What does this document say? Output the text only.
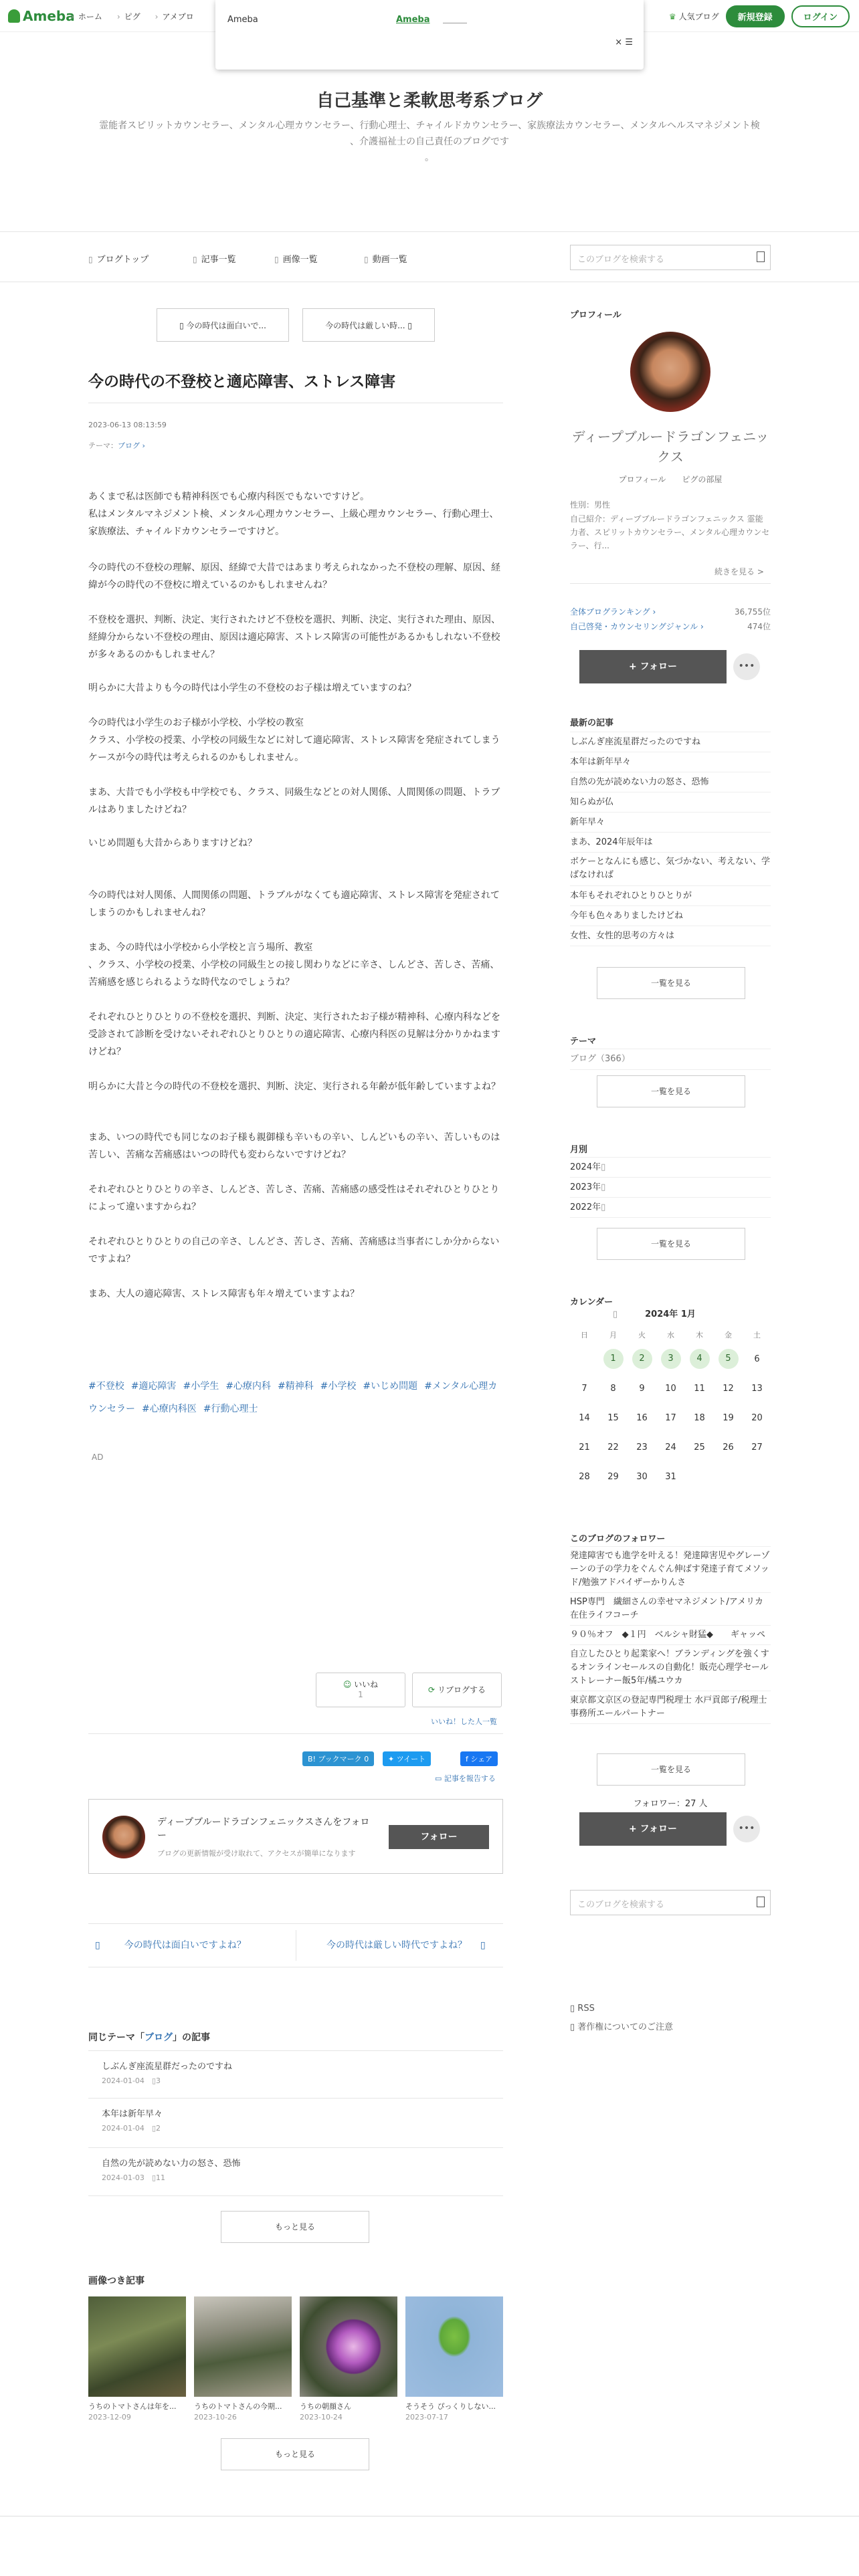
Ameba › ホーム	› ピグ	› アメブロ	♛ 人気ブログ	新規登録	ログイン
Ameba	Ameba
× ☰
自己基準と柔軟思考系ブログ
霊能者スピリットカウンセラー、メンタル心理カウンセラー、行動心理士、チャイルドカウンセラー、家族療法カウンセラー、メンタルヘルスマネジメント検
、介護福祉士の自己責任のブログです
。
▯ ブログトップ	▯ 記事一覧	▯ 画像一覧	▯ 動画一覧	このブログを検索する
▯ 今の時代は面白いで...	今の時代は厳しい時... ▯
今の時代の不登校と適応障害、ストレス障害
2023-06-13 08:13:59
テーマ：ブログ ›

あくまで私は医師でも精神科医でも心療内科医でもないですけど。
私はメンタルマネジメント検、メンタル心理カウンセラー、上級心理カウンセラー、行動心理士、家族療法、チャイルドカウンセラーですけど。

今の時代の不登校の理解、原因、経緯で大昔ではあまり考えられなかった不登校の理解、原因、経緯が今の時代の不登校に増えているのかもしれませんね？

不登校を選択、判断、決定、実行されたけど不登校を選択、判断、決定、実行された理由、原因、経緯分からない不登校の理由、原因は適応障害、ストレス障害の可能性があるかもしれない不登校が多々あるのかもしれません？

明らかに大昔よりも今の時代は小学生の不登校のお子様は増えていますのね？

今の時代は小学生のお子様が小学校、小学校の教室
クラス、小学校の授業、小学校の同級生などに対して適応障害、ストレス障害を発症されてしまうケースが今の時代は考えられるのかもしれません。

まあ、大昔でも小学校も中学校でも、クラス、同級生などとの対人関係、人間関係の問題、トラブルはありましたけどね？

いじめ問題も大昔からありますけどね？

今の時代は対人関係、人間関係の問題、トラブルがなくても適応障害、ストレス障害を発症されてしまうのかもしれませんね？

まあ、今の時代は小学校から小学校と言う場所、教室
、クラス、小学校の授業、小学校の同級生との接し関わりなどに辛さ、しんどさ、苦しさ、苦痛、苦痛感を感じられるような時代なのでしょうね？

それぞれひとりひとりの不登校を選択、判断、決定、実行されたお子様が精神科、心療内科などを受診されて診断を受けないそれぞれひとりひとりの適応障害、心療内科医の見解は分かりかねますけどね？

明らかに大昔と今の時代の不登校を選択、判断、決定、実行される年齢が低年齢していますよね？

まあ、いつの時代でも同じなのお子様も親御様も辛いもの辛い、しんどいもの辛い、苦しいものは苦しい、苦痛な苦痛感はいつの時代も変わらないですけどね？

それぞれひとりひとりの辛さ、しんどさ、苦しさ、苦痛、苦痛感の感受性はそれぞれひとりひとりによって違いますからね？

それぞれひとりひとりの自己の辛さ、しんどさ、苦しさ、苦痛、苦痛感は当事者にしか分からないですよね？

まあ、大人の適応障害、ストレス障害も年々増えていますよね？

#不登校 #適応障害 #小学生 #心療内科 #精神科 #小学校 #いじめ問題 #メンタル心理カウンセラー #心療内科医 #行動心理士
AD
☺ いいね
1	⟳ リブログする
いいね！した人一覧
B! ブックマーク 0	✦ ツイート	f シェア
▭ 記事を報告する
ディープブルードラゴンフェニックスさんをフォロー
ブログの更新情報が受け取れて、アクセスが簡単になります
フォロー
▯	今の時代は面白いですよね？	今の時代は厳しい時代ですよね？ ▯
同じテーマ「ブログ」の記事
しぶんぎ座流星群だったのですね
2024-01-04　 ▯3
本年は新年早々
2024-01-04　 ▯2
自然の先が読めない力の怒さ、恐怖
2024-01-03　 ▯11
もっと見る
画像つき記事
うちのトマトさんは年を...	うちのトマトさんの今期...	うちの朝顔さん	そうそう ぴっくりしない...
2023-12-09	2023-10-26	2023-10-24	2023-07-17
もっと見る
プロフィール
ディープブルードラゴンフェニックス
プロフィール　　 ピグの部屋
性別：男性
自己紹介：ディープブルードラゴンフェニックス 霊能力者、スピリットカウンセラー、メンタル心理カウンセラー、行...
続きを見る >
全体ブログランキング ›	36,755位
自己啓発・カウンセリングジャンル ›	474位
+ フォロー	•••
最新の記事
しぶんぎ座流星群だったのですね
本年は新年早々
自然の先が読めない力の怒さ、恐怖
知らぬが仏
新年早々
まあ、2024年辰年は
ボケーとなんにも感じ、気づかない、考えない、学ばなければ
本年もそれぞれひとりひとりが
今年も色々ありましたけどね
女性、女性的思考の方々は
一覧を見る
テーマ
ブログ（366）
一覧を見る
月別
2024年▯
2023年▯
2022年▯
一覧を見る
カレンダー
▯	2024年 1月
日	月	火	水	木	金	土
	1	2	3	4	5	6
7	8	9	10	11	12	13
14	15	16	17	18	19	20
21	22	23	24	25	26	27
28	29	30	31			
このブログのフォロワー
発達障害でも進学を叶える！発達障害児やグレーゾーンの子の学力をぐんぐん伸ばす発達子育てメソッド/勉強アドバイザーかりんさ
HSP専門　繊細さんの幸せマネジメント/アメリカ在住ライフコーチ
９０％オフ　◆１円　ベルシャ財猛◆　　ギャッペ
自立したひとり起業家へ！ブランディングを強くするオンラインセールスの自動化！販売心理学セールストレーナー飯5年/橘ユウカ
東京都文京区の登記専門税理士 水戸貢郎子/税理士事務所エールパートナー
一覧を見る
フォロワー：27 人
+ フォロー	•••
このブログを検索する
▯ RSS
▯ 著作権についてのご注意
